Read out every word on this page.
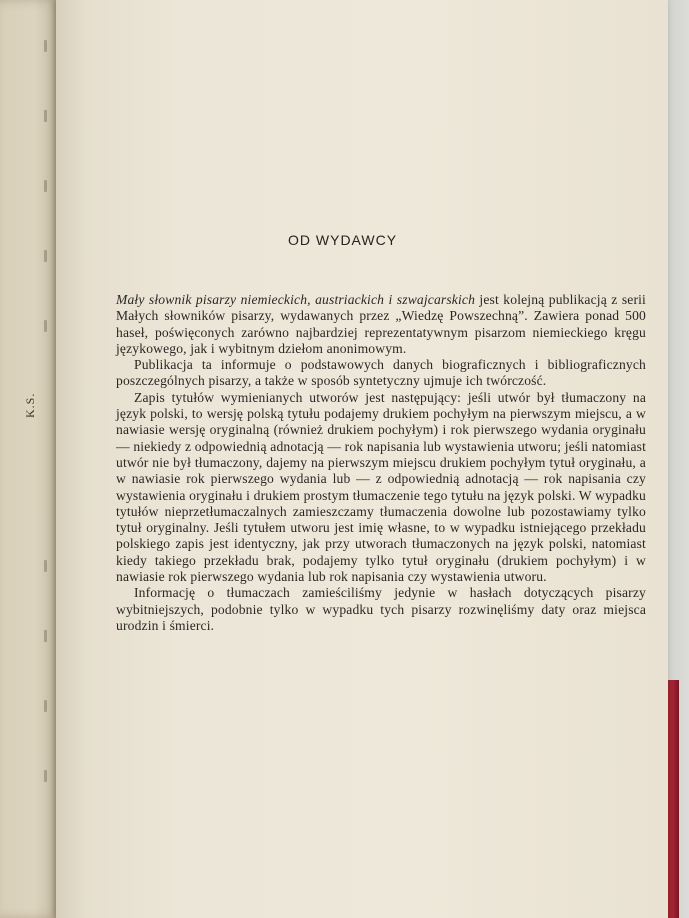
K.S.
OD WYDAWCY

Mały słownik pisarzy niemieckich, austriackich i szwajcarskich jest kolejną publikacją z serii Małych słowników pisarzy, wydawanych przez „Wiedzę Powszechną”. Zawiera ponad 500 haseł, poświęconych zarówno najbardziej reprezentatywnym pisarzom niemieckiego kręgu językowego, jak i wybitnym dziełom anonimowym.

Publikacja ta informuje o podstawowych danych biograficznych i bibliograficznych poszczególnych pisarzy, a także w sposób syntetyczny ujmuje ich twórczość.

Zapis tytułów wymienianych utworów jest następujący: jeśli utwór był tłumaczony na język polski, to wersję polską tytułu podajemy drukiem pochyłym na pierwszym miejscu, a w nawiasie wersję oryginalną (również drukiem pochyłym) i rok pierwszego wydania oryginału — niekiedy z odpowiednią adnotacją — rok napisania lub wystawienia utworu; jeśli natomiast utwór nie był tłumaczony, dajemy na pierwszym miejscu drukiem pochyłym tytuł oryginału, a w nawiasie rok pierwszego wydania lub — z odpowiednią adnotacją — rok napisania czy wystawienia oryginału i drukiem prostym tłumaczenie tego tytułu na język polski. W wypadku tytułów nieprzetłumaczalnych zamieszczamy tłumaczenia dowolne lub pozostawiamy tylko tytuł oryginalny. Jeśli tytułem utworu jest imię własne, to w wypadku istniejącego przekładu polskiego zapis jest identyczny, jak przy utworach tłumaczonych na język polski, natomiast kiedy takiego przekładu brak, podajemy tylko tytuł oryginału (drukiem pochyłym) i w nawiasie rok pierwszego wydania lub rok napisania czy wystawienia utworu.

Informację o tłumaczach zamieściliśmy jedynie w hasłach dotyczących pisarzy wybitniejszych, podobnie tylko w wypadku tych pisarzy rozwinęliśmy daty oraz miejsca urodzin i śmierci.
